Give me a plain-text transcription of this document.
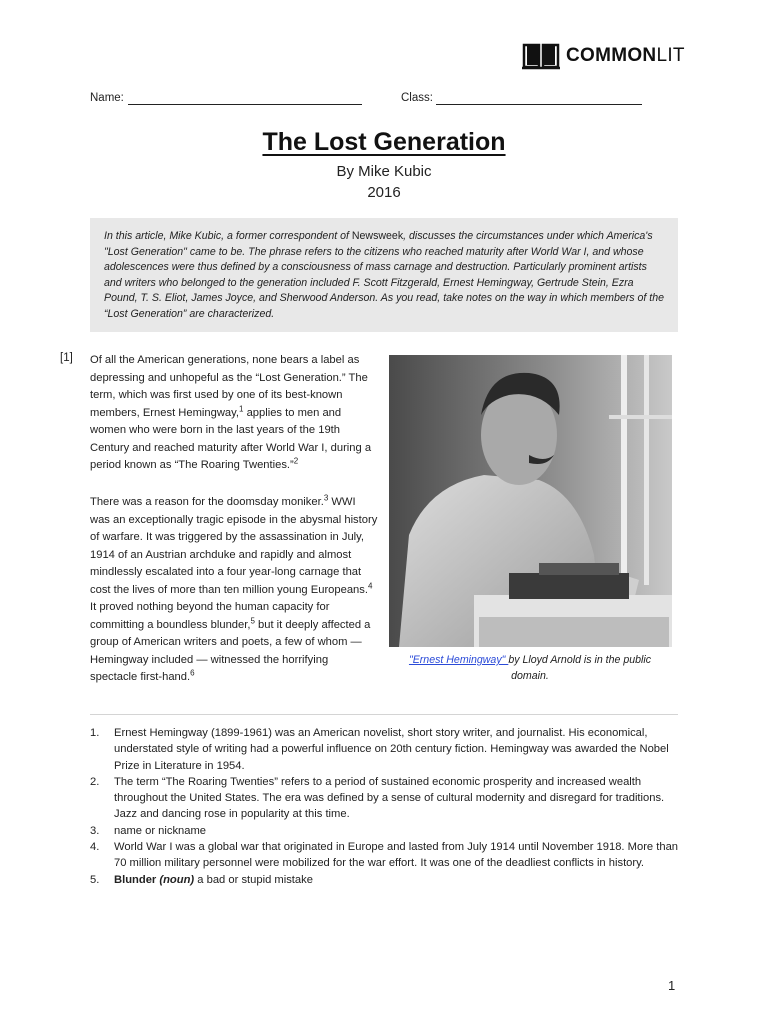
COMMONLIT
Name:	Class:
The Lost Generation
By Mike Kubic
2016
In this article, Mike Kubic, a former correspondent of Newsweek, discusses the circumstances under which America's "Lost Generation" came to be. The phrase refers to the citizens who reached maturity after World War I, and whose adolescences were thus defined by a consciousness of mass carnage and destruction. Particularly prominent artists and writers who belonged to the generation included F. Scott Fitzgerald, Ernest Hemingway, Gertrude Stein, Ezra Pound, T. S. Eliot, James Joyce, and Sherwood Anderson. As you read, take notes on the way in which members of the “Lost Generation” are characterized.
[1] Of all the American generations, none bears a label as depressing and unhopeful as the “Lost Generation.” The term, which was first used by one of its best-known members, Ernest Hemingway,$^1$ applies to men and women who were born in the last years of the 19th Century and reached maturity after World War I, during a period known as “The Roaring Twenties.”$^2$

There was a reason for the doomsday moniker.$^3$ WWI was an exceptionally tragic episode in the abysmal history of warfare. It was triggered by the assassination in July, 1914 of an Austrian archduke and rapidly and almost mindlessly escalated into a four year-long carnage that cost the lives of more than ten million young Europeans.$^4$ It proved nothing beyond the human capacity for committing a boundless blunder,$^5$ but it deeply affected a group of American writers and poets, a few of whom — Hemingway included — witnessed the horrifying spectacle first-hand.$^6$

"Ernest Hemingway" by Lloyd Arnold is in the public domain.
1.	Ernest Hemingway (1899-1961) was an American novelist, short story writer, and journalist. His economical, understated style of writing had a powerful influence on 20th century fiction. Hemingway was awarded the Nobel Prize in Literature in 1954.
2.	The term “The Roaring Twenties” refers to a period of sustained economic prosperity and increased wealth throughout the United States. The era was defined by a sense of cultural modernity and disregard for traditions. Jazz and dancing rose in popularity at this time.
3.	name or nickname
4.	World War I was a global war that originated in Europe and lasted from July 1914 until November 1918. More than 70 million military personnel were mobilized for the war effort. It was one of the deadliest conflicts in history.
5.	Blunder (noun) a bad or stupid mistake
1
